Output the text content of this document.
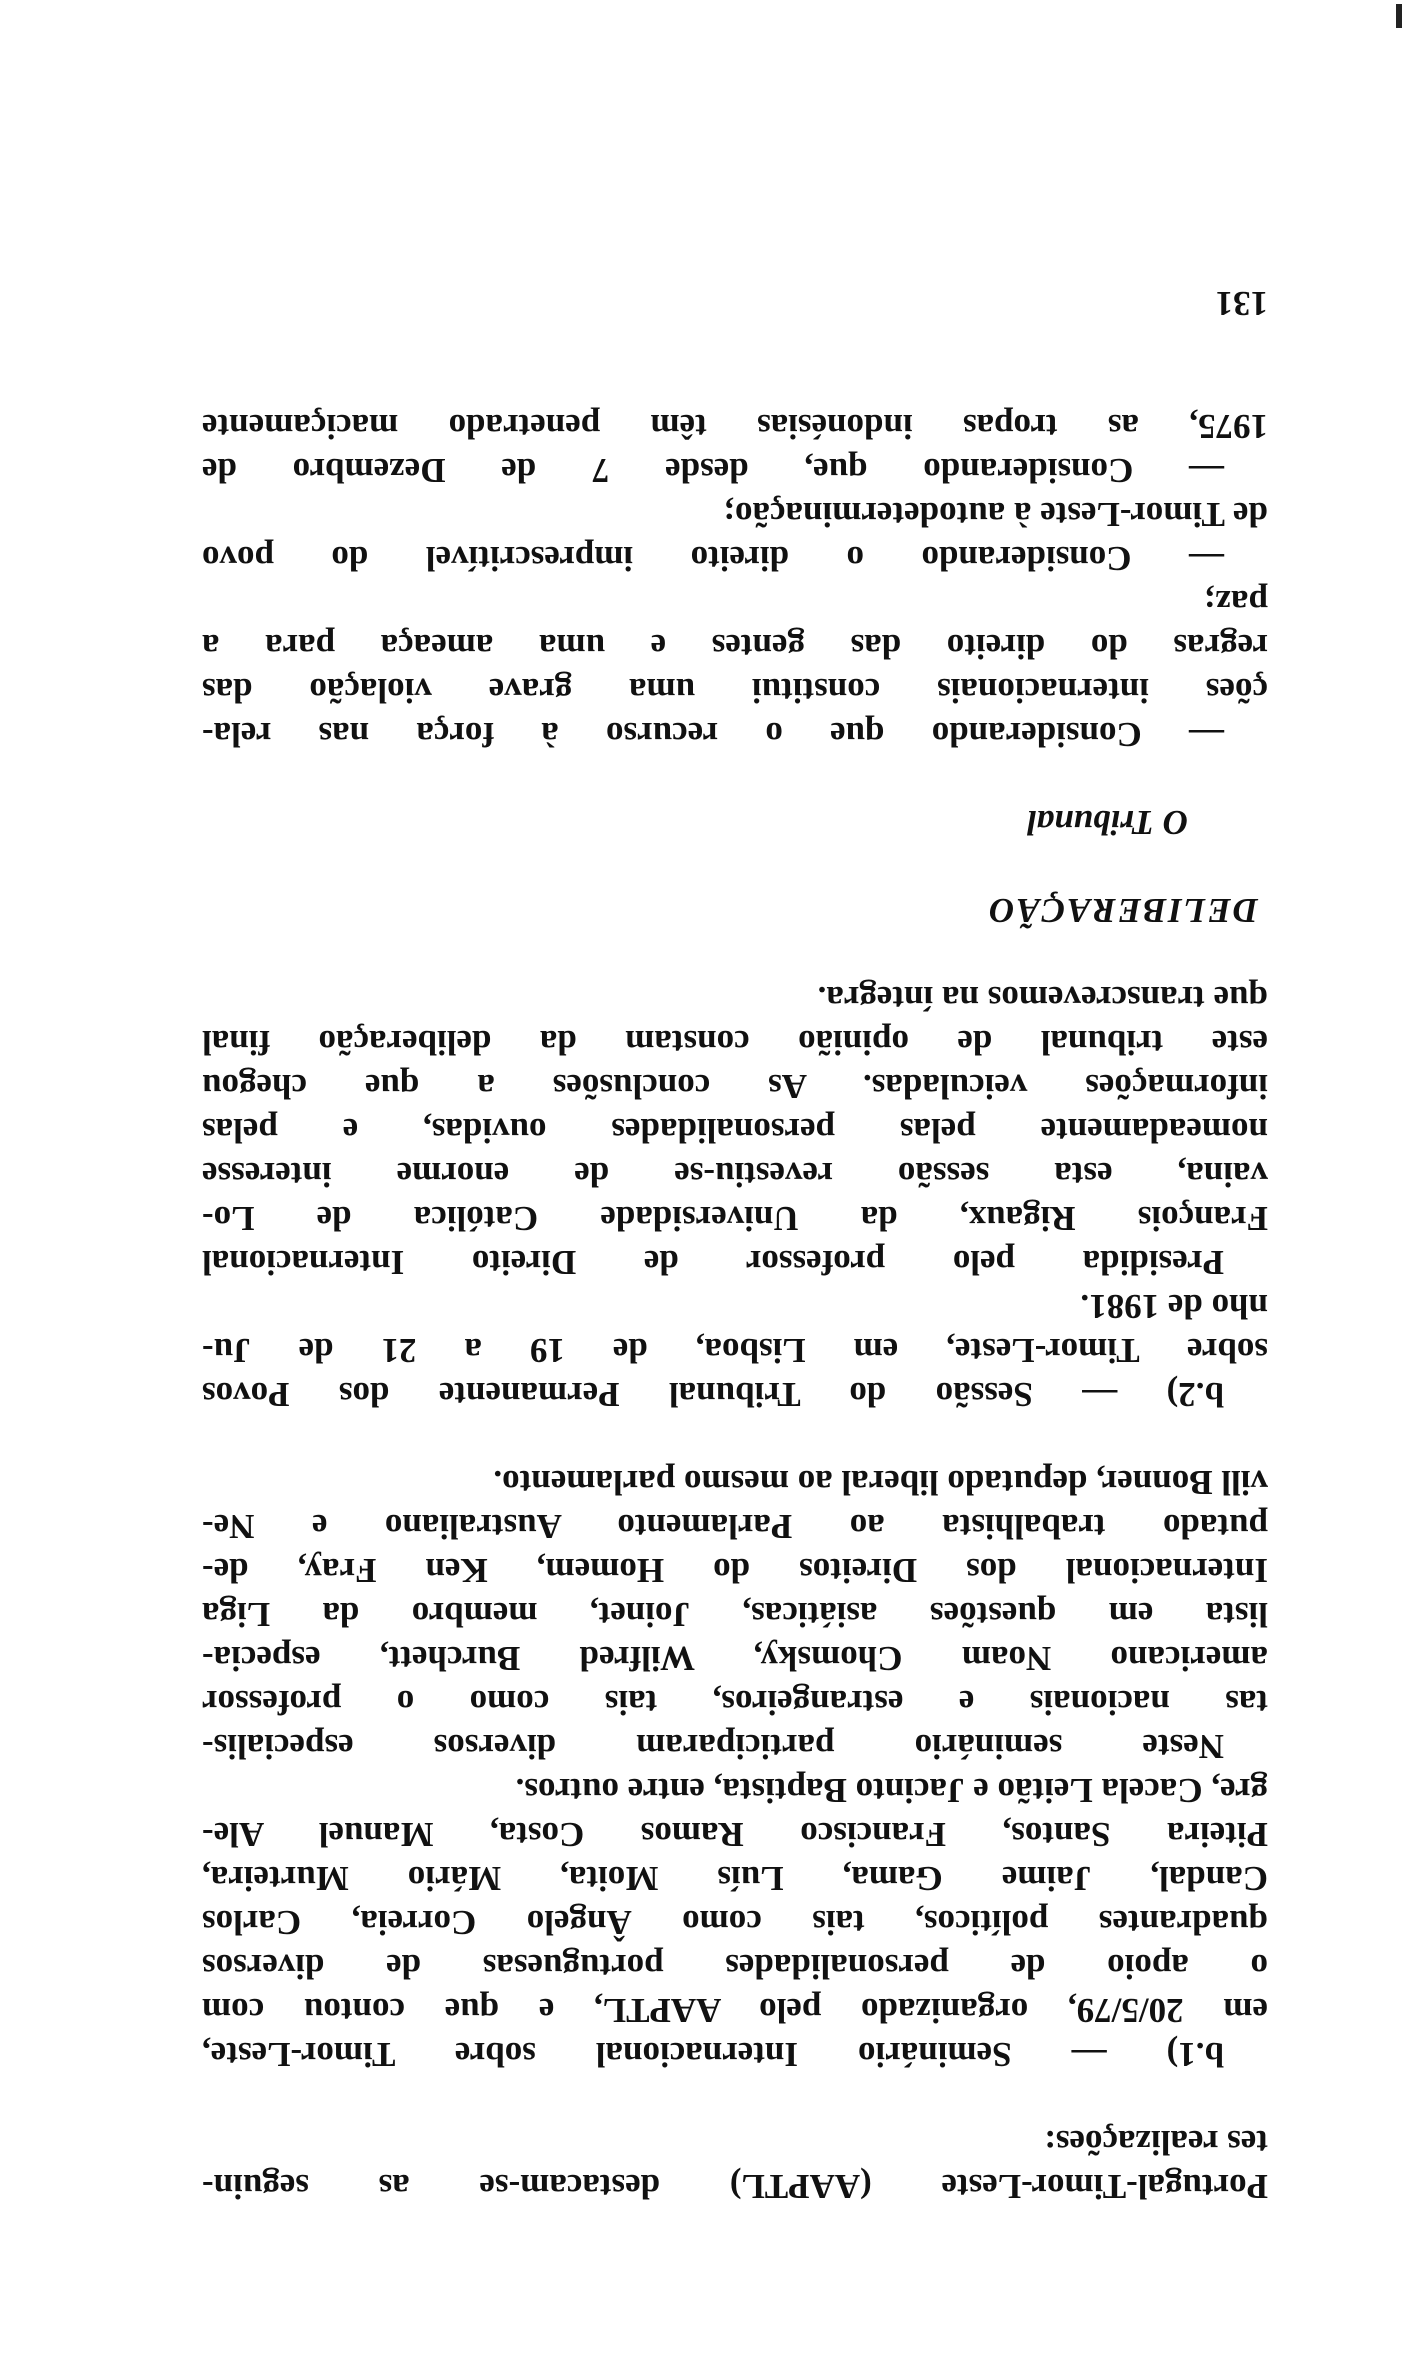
Portugal-Timor-Leste (AAPTL) destacam-se as seguin-
tes realizações:
b.1) — Seminário Internacional sobre Timor-Leste,
em 20/5/79, organizado pelo AAPTL, e que contou com
o apoio de personalidades portuguesas de diversos
quadrantes políticos, tais como Ângelo Correia, Carlos
Candal, Jaime Gama, Luís Moita, Mário Murteira,
Piteira Santos, Francisco Ramos Costa, Manuel Ale-
gre, Cacela Leitão e Jacinto Baptista, entre outros.
Neste seminário participaram diversos especialis-
tas nacionais e estrangeiros, tais como o professor
americano Noam Chomsky, Wilfred Burchett, especia-
lista em questões asiáticas, Joinet, membro da Liga
Internacional dos Direitos do Homem, Ken Fray, de-
putado trabalhista ao Parlamento Australiano e Ne-
vill Bonner, deputado liberal ao mesmo parlamento.
b.2) — Sessão do Tribunal Permanente dos Povos
sobre Timor-Leste, em Lisboa, de 19 a 21 de Ju-
nho de 1981.
Presidida pelo professor de Direito Internacional
François Rigaux, da Universidade Católica de Lo-
vaina, esta sessão revestiu-se de enorme interesse
nomeadamente pelas personalidades ouvidas, e pelas
informações veiculadas. As conclusões a que chegou
este tribunal de opinião constam da deliberação final
que transcrevemos na íntegra.
DELIBERAÇÃO
O Tribunal
— Considerando que o recurso à força nas rela-
ções internacionais constitui uma grave violação das
regras do direito das gentes e uma ameaça para a
paz;
— Considerando o direito imprescritível do povo
de Timor-Leste à autodeterminação;
— Considerando que, desde 7 de Dezembro de
1975, as tropas indonésias têm penetrado maciçamente
131
